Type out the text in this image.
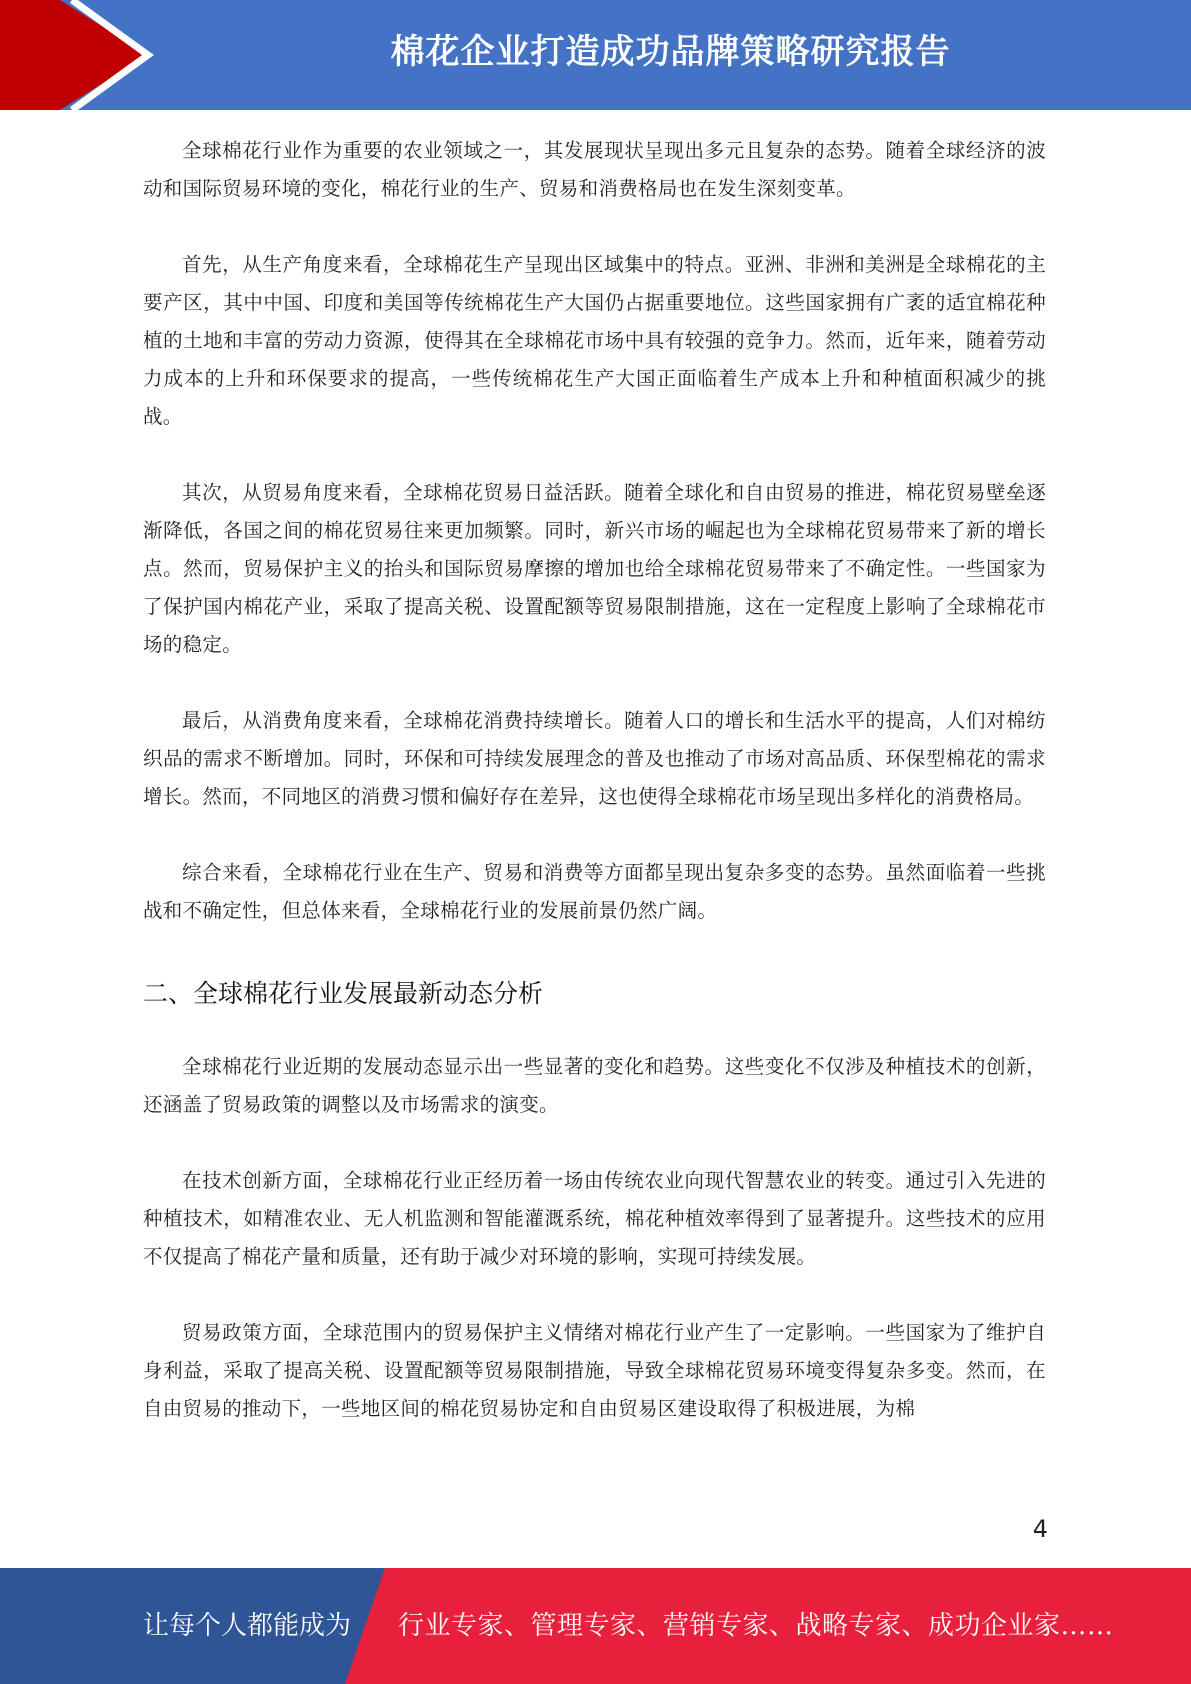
棉花企业打造成功品牌策略研究报告

全球棉花行业作为重要的农业领域之一，其发展现状呈现出多元且复杂的态势。随着全球经济的波动和国际贸易环境的变化，棉花行业的生产、贸易和消费格局也在发生深刻变革。

首先，从生产角度来看，全球棉花生产呈现出区域集中的特点。亚洲、非洲和美洲是全球棉花的主要产区，其中中国、印度和美国等传统棉花生产大国仍占据重要地位。这些国家拥有广袤的适宜棉花种植的土地和丰富的劳动力资源，使得其在全球棉花市场中具有较强的竞争力。然而，近年来，随着劳动力成本的上升和环保要求的提高，一些传统棉花生产大国正面临着生产成本上升和种植面积减少的挑战。

其次，从贸易角度来看，全球棉花贸易日益活跃。随着全球化和自由贸易的推进，棉花贸易壁垒逐渐降低，各国之间的棉花贸易往来更加频繁。同时，新兴市场的崛起也为全球棉花贸易带来了新的增长点。然而，贸易保护主义的抬头和国际贸易摩擦的增加也给全球棉花贸易带来了不确定性。一些国家为了保护国内棉花产业，采取了提高关税、设置配额等贸易限制措施，这在一定程度上影响了全球棉花市场的稳定。

最后，从消费角度来看，全球棉花消费持续增长。随着人口的增长和生活水平的提高，人们对棉纺织品的需求不断增加。同时，环保和可持续发展理念的普及也推动了市场对高品质、环保型棉花的需求增长。然而，不同地区的消费习惯和偏好存在差异，这也使得全球棉花市场呈现出多样化的消费格局。

综合来看，全球棉花行业在生产、贸易和消费等方面都呈现出复杂多变的态势。虽然面临着一些挑战和不确定性，但总体来看，全球棉花行业的发展前景仍然广阔。

二、全球棉花行业发展最新动态分析

全球棉花行业近期的发展动态显示出一些显著的变化和趋势。这些变化不仅涉及种植技术的创新，还涵盖了贸易政策的调整以及市场需求的演变。

在技术创新方面，全球棉花行业正经历着一场由传统农业向现代智慧农业的转变。通过引入先进的种植技术，如精准农业、无人机监测和智能灌溉系统，棉花种植效率得到了显著提升。这些技术的应用不仅提高了棉花产量和质量，还有助于减少对环境的影响，实现可持续发展。

贸易政策方面，全球范围内的贸易保护主义情绪对棉花行业产生了一定影响。一些国家为了维护自身利益，采取了提高关税、设置配额等贸易限制措施，导致全球棉花贸易环境变得复杂多变。然而，在自由贸易的推动下，一些地区间的棉花贸易协定和自由贸易区建设取得了积极进展，为棉

4
让每个人都能成为 行业专家、管理专家、营销专家、战略专家、成功企业家……
